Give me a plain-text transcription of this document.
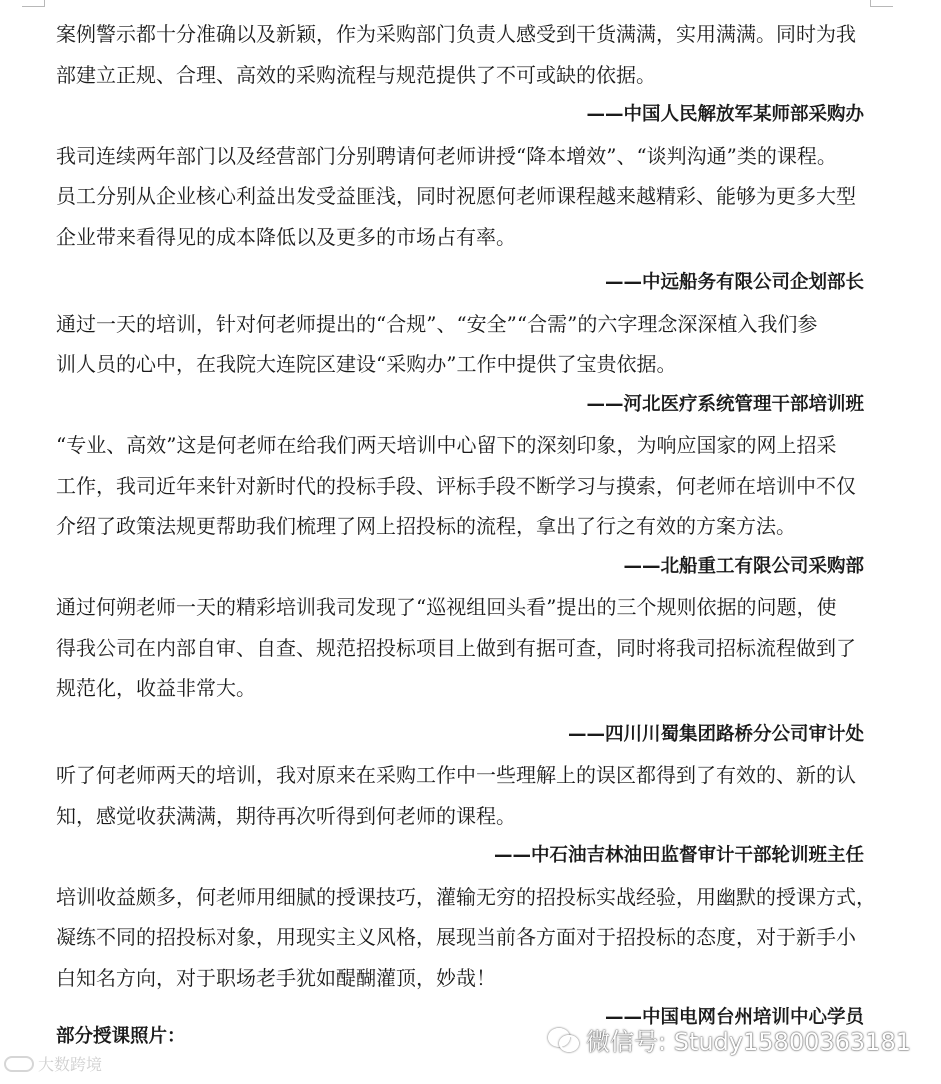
案例警示都十分准确以及新颖，作为采购部门负责人感受到干货满满，实用满满。同时为我
部建立正规、合理、高效的采购流程与规范提供了不可或缺的依据。

——中国人民解放军某师部采购办

我司连续两年部门以及经营部门分别聘请何老师讲授“降本增效”、“谈判沟通”类的课程。
员工分别从企业核心利益出发受益匪浅，同时祝愿何老师课程越来越精彩、能够为更多大型
企业带来看得见的成本降低以及更多的市场占有率。

——中远船务有限公司企划部长

通过一天的培训，针对何老师提出的“合规”、“安全”“合需”的六字理念深深植入我们参
训人员的心中，在我院大连院区建设“采购办”工作中提供了宝贵依据。

——河北医疗系统管理干部培训班

“专业、高效”这是何老师在给我们两天培训中心留下的深刻印象，为响应国家的网上招采
工作，我司近年来针对新时代的投标手段、评标手段不断学习与摸索，何老师在培训中不仅
介绍了政策法规更帮助我们梳理了网上招投标的流程，拿出了行之有效的方案方法。

——北船重工有限公司采购部

通过何朔老师一天的精彩培训我司发现了“巡视组回头看”提出的三个规则依据的问题，使
得我公司在内部自审、自查、规范招投标项目上做到有据可查，同时将我司招标流程做到了
规范化，收益非常大。

——四川川蜀集团路桥分公司审计处

听了何老师两天的培训，我对原来在采购工作中一些理解上的误区都得到了有效的、新的认
知，感觉收获满满，期待再次听得到何老师的课程。

——中石油吉林油田监督审计干部轮训班主任

培训收益颇多，何老师用细腻的授课技巧，灌输无穷的招投标实战经验，用幽默的授课方式，
凝练不同的招投标对象，用现实主义风格，展现当前各方面对于招投标的态度，对于新手小
白知名方向，对于职场老手犹如醍醐灌顶，妙哉！

——中国电网台州培训中心学员

部分授课照片：
大数跨境
微信号: Study15800363181
